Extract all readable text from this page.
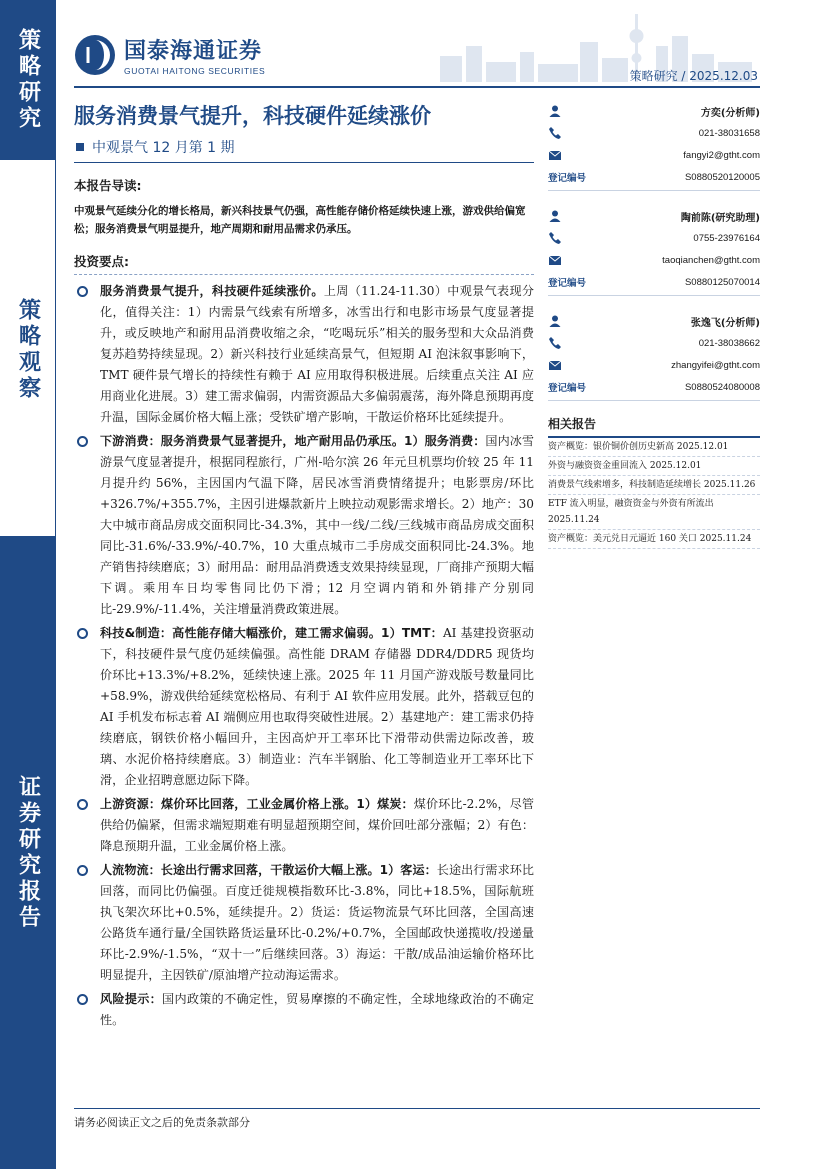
策略研究
策略观察
证券研究报告
国泰海通证券
GUOTAI HAITONG SECURITIES	策略研究 / 2025.12.03
服务消费景气提升，科技硬件延续涨价
中观景气 12 月第 1 期
本报告导读:
中观景气延续分化的增长格局，新兴科技景气仍强，高性能存储价格延续快速上涨，游戏供给偏宽松；服务消费景气明显提升，地产周期和耐用品需求仍承压。
投资要点:
服务消费景气提升，科技硬件延续涨价。上周（11.24-11.30）中观景气表现分化，值得关注：1）内需景气线索有所增多，冰雪出行和电影市场景气度显著提升，或反映地产和耐用品消费收缩之余，“吃喝玩乐”相关的服务型和大众品消费复苏趋势持续显现。2）新兴科技行业延续高景气，但短期 AI 泡沫叙事影响下，TMT 硬件景气增长的持续性有赖于 AI 应用取得积极进展。后续重点关注 AI 应用商业化进展。3）建工需求偏弱，内需资源品大多偏弱震荡，海外降息预期再度升温，国际金属价格大幅上涨；受铁矿增产影响，干散运价格环比延续提升。
下游消费：服务消费景气显著提升，地产耐用品仍承压。1）服务消费：国内冰雪游景气度显著提升，根据同程旅行，广州-哈尔滨 26 年元旦机票均价较 25 年 11 月提升约 56%，主因国内气温下降，居民冰雪消费情绪提升；电影票房/环比+326.7%/+355.7%，主因引进爆款新片上映拉动观影需求增长。2）地产：30 大中城市商品房成交面积同比-34.3%，其中一线/二线/三线城市商品房成交面积同比-31.6%/-33.9%/-40.7%，10 大重点城市二手房成交面积同比-24.3%。地产销售持续磨底；3）耐用品：耐用品消费透支效果持续显现，厂商排产预期大幅下调。乘用车日均零售同比仍下滑；12 月空调内销和外销排产分别同比-29.9%/-11.4%，关注增量消费政策进展。
科技&制造：高性能存储大幅涨价，建工需求偏弱。1）TMT：AI 基建投资驱动下，科技硬件景气度仍延续偏强。高性能 DRAM 存储器 DDR4/DDR5 现货均价环比+13.3%/+8.2%，延续快速上涨。2025 年 11 月国产游戏版号数量同比+58.9%，游戏供给延续宽松格局、有利于 AI 软件应用发展。此外，搭载豆包的 AI 手机发布标志着 AI 端侧应用也取得突破性进展。2）基建地产：建工需求仍持续磨底，钢铁价格小幅回升，主因高炉开工率环比下滑带动供需边际改善，玻璃、水泥价格持续磨底。3）制造业：汽车半钢胎、化工等制造业开工率环比下滑，企业招聘意愿边际下降。
上游资源：煤价环比回落，工业金属价格上涨。1）煤炭：煤价环比-2.2%，尽管供给仍偏紧，但需求端短期难有明显超预期空间，煤价回吐部分涨幅；2）有色：降息预期升温，工业金属价格上涨。
人流物流：长途出行需求回落，干散运价大幅上涨。1）客运：长途出行需求环比回落，而同比仍偏强。百度迁徙规模指数环比-3.8%，同比+18.5%，国际航班执飞架次环比+0.5%，延续提升。2）货运：货运物流景气环比回落，全国高速公路货车通行量/全国铁路货运量环比-0.2%/+0.7%，全国邮政快递揽收/投递量环比-2.9%/-1.5%，“双十一”后继续回落。3）海运：干散/成品油运输价格环比明显提升，主因铁矿/原油增产拉动海运需求。
风险提示：国内政策的不确定性，贸易摩擦的不确定性，全球地缘政治的不确定性。
方奕(分析师)
021-38031658
fangyi2@gtht.com
登记编号	S0880520120005
陶前陈(研究助理)
0755-23976164
taoqianchen@gtht.com
登记编号	S0880125070014
张逸飞(分析师)
021-38038662
zhangyifei@gtht.com
登记编号	S0880524080008
相关报告
资产概览：银价铜价创历史新高 2025.12.01
外资与融资资金重回流入 2025.12.01
消费景气线索增多，科技制造延续增长 2025.11.26
ETF 流入明显，融资资金与外资有所流出 2025.11.24
资产概览：美元兑日元逼近 160 关口 2025.11.24
请务必阅读正文之后的免责条款部分
